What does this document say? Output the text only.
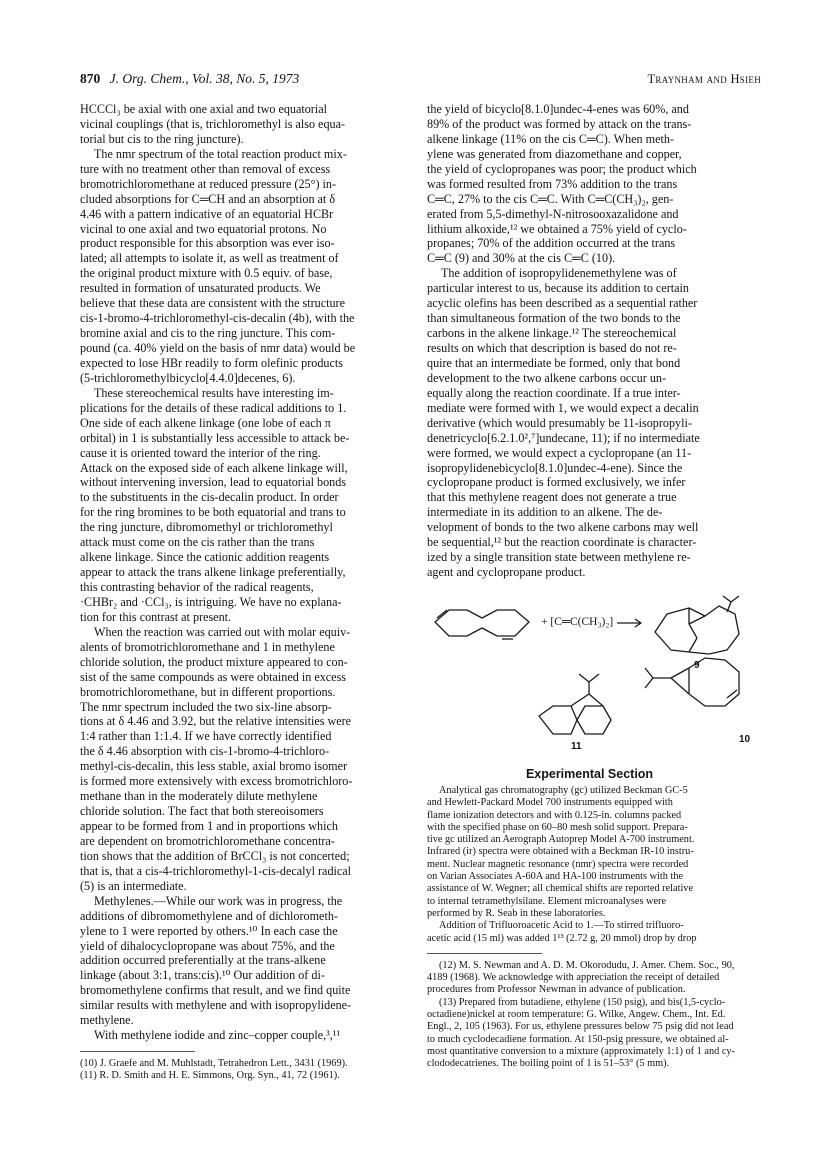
870 J. Org. Chem., Vol. 38, No. 5, 1973	Traynham and Hsieh
HCCCl₃ be axial with one axial and two equatorial
vicinal couplings (that is, trichloromethyl is also equa-
torial but cis to the ring juncture).
The nmr spectrum of the total reaction product mix-
ture with no treatment other than removal of excess
bromotrichloromethane at reduced pressure (25°) in-
cluded absorptions for C═CH and an absorption at δ
4.46 with a pattern indicative of an equatorial HCBr
vicinal to one axial and two equatorial protons. No
product responsible for this absorption was ever iso-
lated; all attempts to isolate it, as well as treatment of
the original product mixture with 0.5 equiv. of base,
resulted in formation of unsaturated products. We
believe that these data are consistent with the structure
cis-1-bromo-4-trichloromethyl-cis-decalin (4b), with the
bromine axial and cis to the ring juncture. This com-
pound (ca. 40% yield on the basis of nmr data) would be
expected to lose HBr readily to form olefinic products
(5-trichloromethylbicyclo[4.4.0]decenes, 6).
These stereochemical results have interesting im-
plications for the details of these radical additions to 1.
One side of each alkene linkage (one lobe of each π
orbital) in 1 is substantially less accessible to attack be-
cause it is oriented toward the interior of the ring.
Attack on the exposed side of each alkene linkage will,
without intervening inversion, lead to equatorial bonds
to the substituents in the cis-decalin product. In order
for the ring bromines to be both equatorial and trans to
the ring juncture, dibromomethyl or trichloromethyl
attack must come on the cis rather than the trans
alkene linkage. Since the cationic addition reagents
appear to attack the trans alkene linkage preferentially,
this contrasting behavior of the radical reagents,
·CHBr₂ and ·CCl₃, is intriguing. We have no explana-
tion for this contrast at present.
When the reaction was carried out with molar equiv-
alents of bromotrichloromethane and 1 in methylene
chloride solution, the product mixture appeared to con-
sist of the same compounds as were obtained in excess
bromotrichloromethane, but in different proportions.
The nmr spectrum included the two six-line absorp-
tions at δ 4.46 and 3.92, but the relative intensities were
1:4 rather than 1:1.4. If we have correctly identified
the δ 4.46 absorption with cis-1-bromo-4-trichloro-
methyl-cis-decalin, this less stable, axial bromo isomer
is formed more extensively with excess bromotrichloro-
methane than in the moderately dilute methylene
chloride solution. The fact that both stereoisomers
appear to be formed from 1 and in proportions which
are dependent on bromotrichloromethane concentra-
tion shows that the addition of BrCCl₃ is not concerted;
that is, that a cis-4-trichloromethyl-1-cis-decalyl radical
(5) is an intermediate.
Methylenes.—While our work was in progress, the
additions of dibromomethylene and of dichlorometh-
ylene to 1 were reported by others.¹⁰ In each case the
yield of dihalocyclopropane was about 75%, and the
addition occurred preferentially at the trans-alkene
linkage (about 3:1, trans:cis).¹⁰ Our addition of di-
bromomethylene confirms that result, and we find quite
similar results with methylene and with isopropylidene-
methylene.
With methylene iodide and zinc–copper couple,³,¹¹
(10) J. Graefe and M. Muhlstadt, Tetrahedron Lett., 3431 (1969).
(11) R. D. Smith and H. E. Simmons, Org. Syn., 41, 72 (1961).
the yield of bicyclo[8.1.0]undec-4-enes was 60%, and
89% of the product was formed by attack on the trans-
alkene linkage (11% on the cis C═C). When meth-
ylene was generated from diazomethane and copper,
the yield of cyclopropanes was poor; the product which
was formed resulted from 73% addition to the trans
C═C, 27% to the cis C═C. With C═C(CH₃)₂, gen-
erated from 5,5-dimethyl-N-nitrosooxazalidone and
lithium alkoxide,¹² we obtained a 75% yield of cyclo-
propanes; 70% of the addition occurred at the trans
C═C (9) and 30% at the cis C═C (10).
The addition of isopropylidenemethylene was of
particular interest to us, because its addition to certain
acyclic olefins has been described as a sequential rather
than simultaneous formation of the two bonds to the
carbons in the alkene linkage.¹² The stereochemical
results on which that description is based do not re-
quire that an intermediate be formed, only that bond
development to the two alkene carbons occur un-
equally along the reaction coordinate. If a true inter-
mediate were formed with 1, we would expect a decalin
derivative (which would presumably be 11-isopropyli-
denetricyclo[6.2.1.0²,⁷]undecane, 11); if no intermediate
were formed, we would expect a cyclopropane (an 11-
isopropylidenebicyclo[8.1.0]undec-4-ene). Since the
cyclopropane product is formed exclusively, we infer
that this methylene reagent does not generate a true
intermediate in its addition to an alkene. The de-
velopment of bonds to the two alkene carbons may well
be sequential,¹² but the reaction coordinate is character-
ized by a single transition state between methylene re-
agent and cyclopropane product.
+ [C═C(CH₃)₂]
9
10
11
Experimental Section
Analytical gas chromatography (gc) utilized Beckman GC-5
and Hewlett-Packard Model 700 instruments equipped with
flame ionization detectors and with 0.125-in. columns packed
with the specified phase on 60–80 mesh solid support. Prepara-
tive gc utilized an Aerograph Autoprep Model A-700 instrument.
Infrared (ir) spectra were obtained with a Beckman IR-10 instru-
ment. Nuclear magnetic resonance (nmr) spectra were recorded
on Varian Associates A-60A and HA-100 instruments with the
assistance of W. Wegner; all chemical shifts are reported relative
to internal tetramethylsilane. Element microanalyses were
performed by R. Seab in these laboratories.
Addition of Trifluoroacetic Acid to 1.—To stirred trifluoro-
acetic acid (15 ml) was added 1¹³ (2.72 g, 20 mmol) drop by drop
(12) M. S. Newman and A. D. M. Okorodudu, J. Amer. Chem. Soc., 90,
4189 (1968). We acknowledge with appreciation the receipt of detailed
procedures from Professor Newman in advance of publication.
(13) Prepared from butadiene, ethylene (150 psig), and bis(1,5-cyclo-
octadiene)nickel at room temperature: G. Wilke, Angew. Chem., Int. Ed.
Engl., 2, 105 (1963). For us, ethylene pressures below 75 psig did not lead
to much cyclodecadiene formation. At 150-psig pressure, we obtained al-
most quantitative conversion to a mixture (approximately 1:1) of 1 and cy-
clododecatrienes. The boiling point of 1 is 51–53° (5 mm).
